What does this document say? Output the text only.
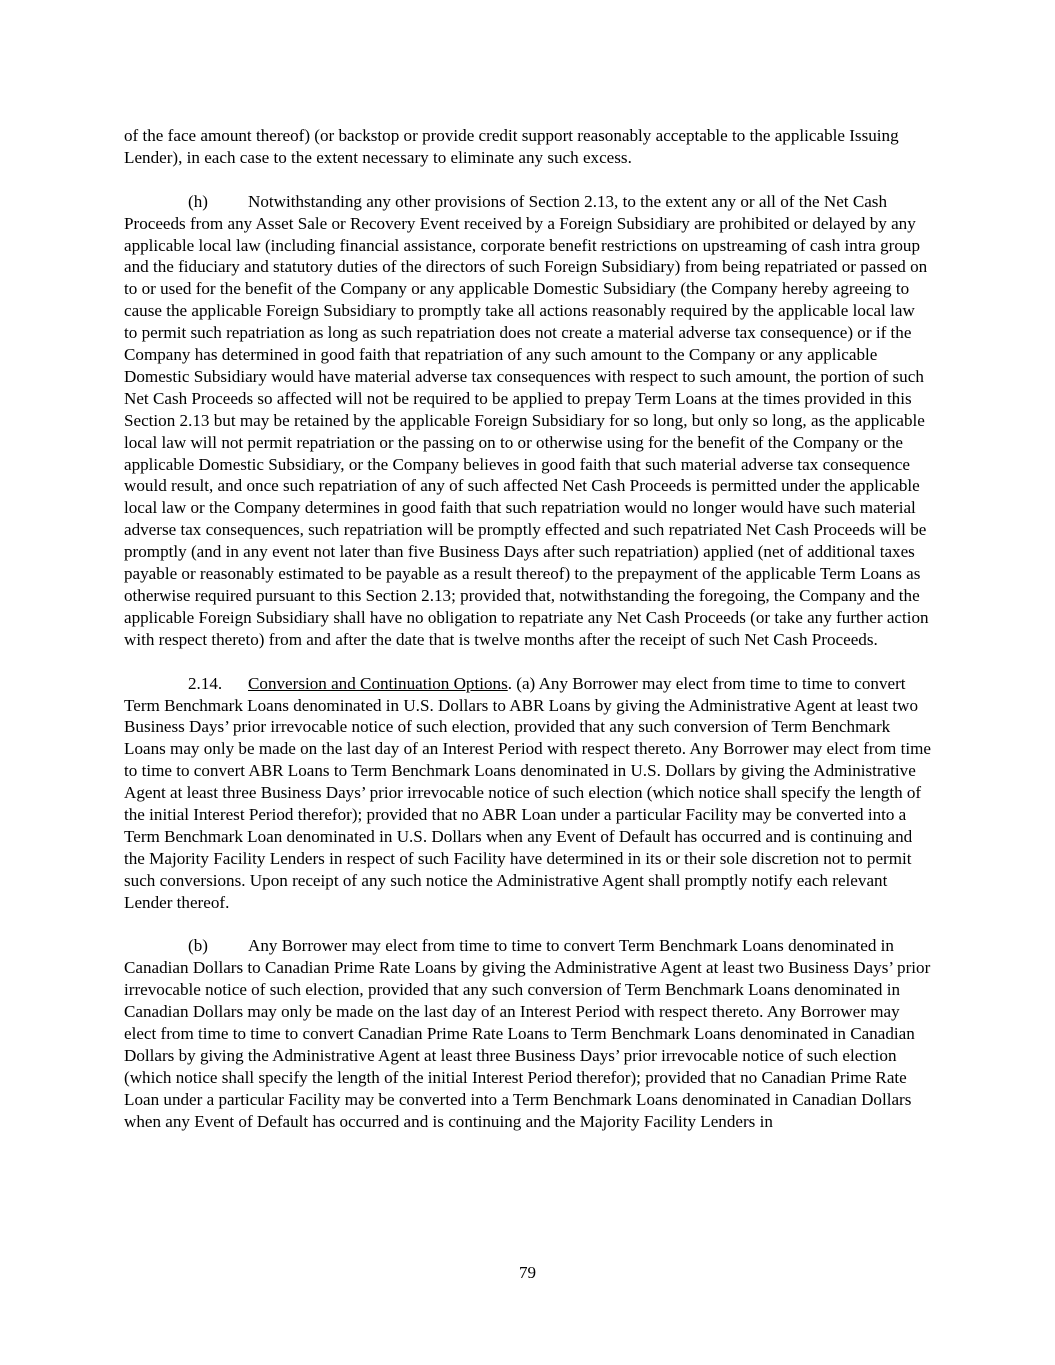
of the face amount thereof) (or backstop or provide credit support reasonably acceptable to the applicable Issuing Lender), in each case to the extent necessary to eliminate any such excess.

(h) Notwithstanding any other provisions of Section 2.13, to the extent any or all of the Net Cash Proceeds from any Asset Sale or Recovery Event received by a Foreign Subsidiary are prohibited or delayed by any applicable local law (including financial assistance, corporate benefit restrictions on upstreaming of cash intra group and the fiduciary and statutory duties of the directors of such Foreign Subsidiary) from being repatriated or passed on to or used for the benefit of the Company or any applicable Domestic Subsidiary (the Company hereby agreeing to cause the applicable Foreign Subsidiary to promptly take all actions reasonably required by the applicable local law to permit such repatriation as long as such repatriation does not create a material adverse tax consequence) or if the Company has determined in good faith that repatriation of any such amount to the Company or any applicable Domestic Subsidiary would have material adverse tax consequences with respect to such amount, the portion of such Net Cash Proceeds so affected will not be required to be applied to prepay Term Loans at the times provided in this Section 2.13 but may be retained by the applicable Foreign Subsidiary for so long, but only so long, as the applicable local law will not permit repatriation or the passing on to or otherwise using for the benefit of the Company or the applicable Domestic Subsidiary, or the Company believes in good faith that such material adverse tax consequence would result, and once such repatriation of any of such affected Net Cash Proceeds is permitted under the applicable local law or the Company determines in good faith that such repatriation would no longer would have such material adverse tax consequences, such repatriation will be promptly effected and such repatriated Net Cash Proceeds will be promptly (and in any event not later than five Business Days after such repatriation) applied (net of additional taxes payable or reasonably estimated to be payable as a result thereof) to the prepayment of the applicable Term Loans as otherwise required pursuant to this Section 2.13; provided that, notwithstanding the foregoing, the Company and the applicable Foreign Subsidiary shall have no obligation to repatriate any Net Cash Proceeds (or take any further action with respect thereto) from and after the date that is twelve months after the receipt of such Net Cash Proceeds.

2.14. Conversion and Continuation Options. (a) Any Borrower may elect from time to time to convert Term Benchmark Loans denominated in U.S. Dollars to ABR Loans by giving the Administrative Agent at least two Business Days’ prior irrevocable notice of such election, provided that any such conversion of Term Benchmark Loans may only be made on the last day of an Interest Period with respect thereto. Any Borrower may elect from time to time to convert ABR Loans to Term Benchmark Loans denominated in U.S. Dollars by giving the Administrative Agent at least three Business Days’ prior irrevocable notice of such election (which notice shall specify the length of the initial Interest Period therefor); provided that no ABR Loan under a particular Facility may be converted into a Term Benchmark Loan denominated in U.S. Dollars when any Event of Default has occurred and is continuing and the Majority Facility Lenders in respect of such Facility have determined in its or their sole discretion not to permit such conversions. Upon receipt of any such notice the Administrative Agent shall promptly notify each relevant Lender thereof.

(b) Any Borrower may elect from time to time to convert Term Benchmark Loans denominated in Canadian Dollars to Canadian Prime Rate Loans by giving the Administrative Agent at least two Business Days’ prior irrevocable notice of such election, provided that any such conversion of Term Benchmark Loans denominated in Canadian Dollars may only be made on the last day of an Interest Period with respect thereto. Any Borrower may elect from time to time to convert Canadian Prime Rate Loans to Term Benchmark Loans denominated in Canadian Dollars by giving the Administrative Agent at least three Business Days’ prior irrevocable notice of such election (which notice shall specify the length of the initial Interest Period therefor); provided that no Canadian Prime Rate Loan under a particular Facility may be converted into a Term Benchmark Loans denominated in Canadian Dollars when any Event of Default has occurred and is continuing and the Majority Facility Lenders in

79
